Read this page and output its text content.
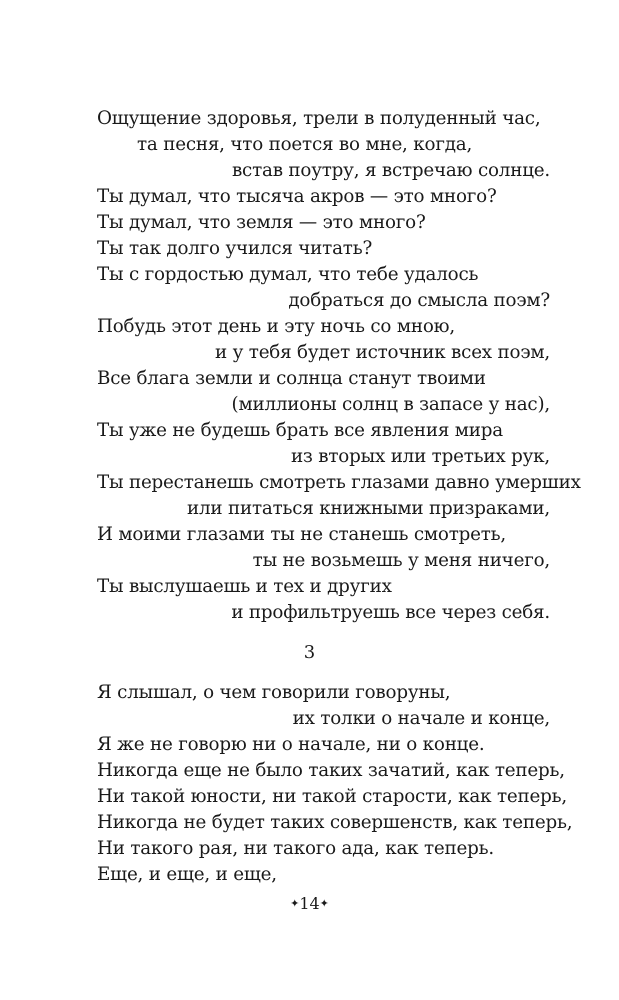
Ощущение здоровья, трели в полуденный час,
та песня, что поется во мне, когда,
встав поутру, я встречаю солнце.
Ты думал, что тысяча акров — это много?
Ты думал, что земля — это много?
Ты так долго учился читать?
Ты с гордостью думал, что тебе удалось
добраться до смысла поэм?
Побудь этот день и эту ночь со мною,
и у тебя будет источник всех поэм,
Все блага земли и солнца станут твоими
(миллионы солнц в запасе у нас),
Ты уже не будешь брать все явления мира
из вторых или третьих рук,
Ты перестанешь смотреть глазами давно умерших
или питаться книжными призраками,
И моими глазами ты не станешь смотреть,
ты не возьмешь у меня ничего,
Ты выслушаешь и тех и других
и профильтруешь все через себя.
3
Я слышал, о чем говорили говоруны,
их толки о начале и конце,
Я же не говорю ни о начале, ни о конце.
Никогда еще не было таких зачатий, как теперь,
Ни такой юности, ни такой старости, как теперь,
Никогда не будет таких совершенств, как теперь,
Ни такого рая, ни такого ада, как теперь.
Еще, и еще, и еще,
✦14✦
